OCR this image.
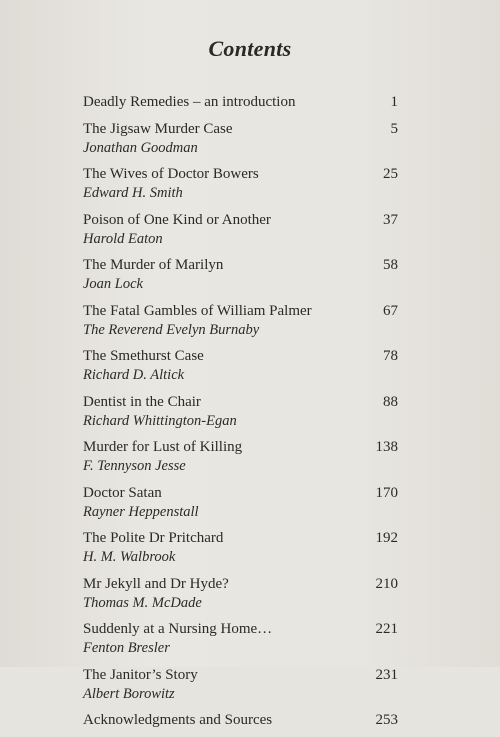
Contents
Deadly Remedies – an introduction	1
The Jigsaw Murder Case
Jonathan Goodman
5
The Wives of Doctor Bowers
Edward H. Smith
25
Poison of One Kind or Another
Harold Eaton
37
The Murder of Marilyn
Joan Lock
58
The Fatal Gambles of William Palmer
The Reverend Evelyn Burnaby
67
The Smethurst Case
Richard D. Altick
78
Dentist in the Chair
Richard Whittington-Egan
88
Murder for Lust of Killing
F. Tennyson Jesse
138
Doctor Satan
Rayner Heppenstall
170
The Polite Dr Pritchard
H. M. Walbrook
192
Mr Jekyll and Dr Hyde?
Thomas M. McDade
210
Suddenly at a Nursing Home…
Fenton Bresler
221
The Janitor’s Story
Albert Borowitz
231
Acknowledgments and Sources	253
